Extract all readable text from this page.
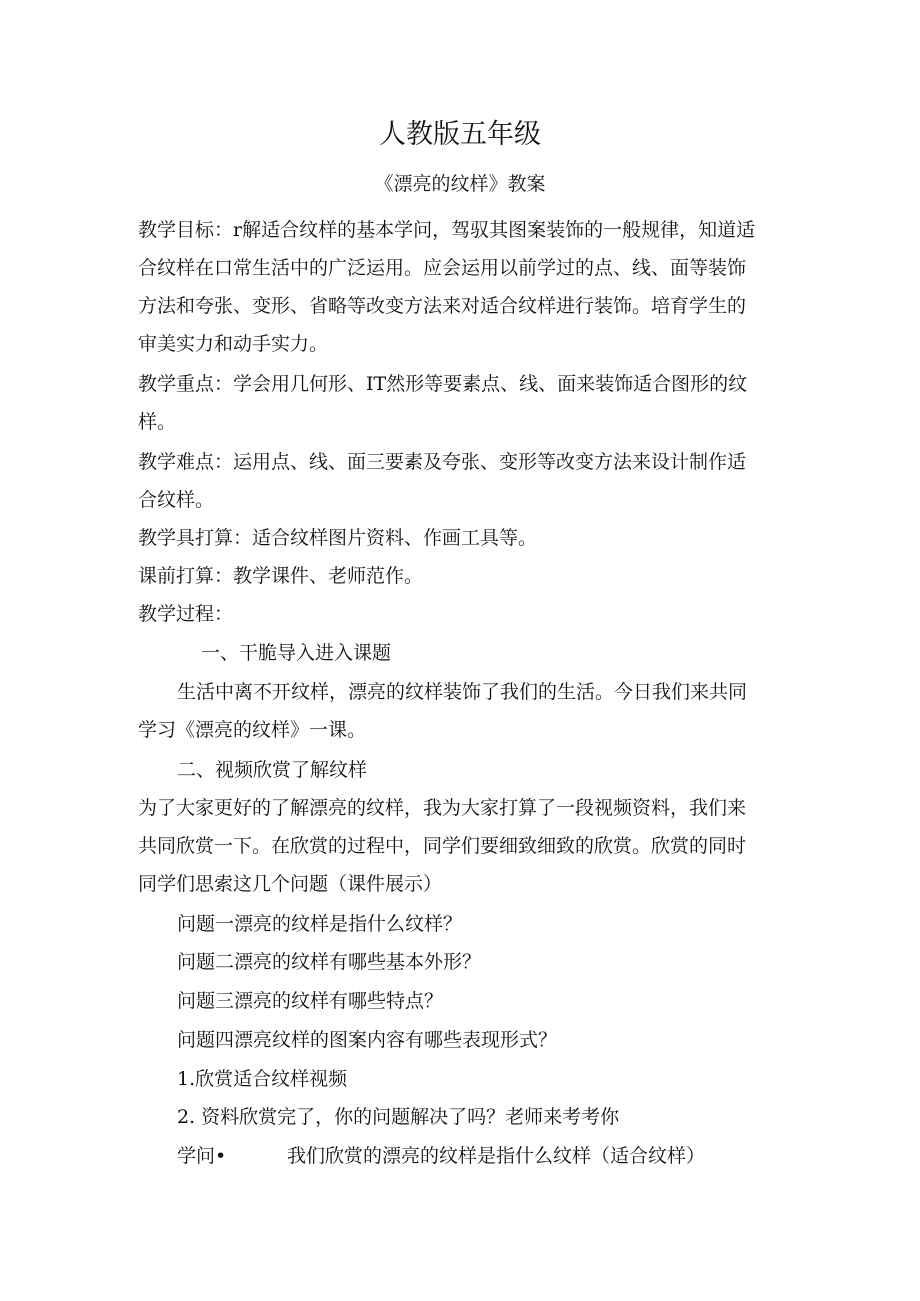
人教版五年级
《漂亮的纹样》教案
教学目标：r解适合纹样的基本学问，驾驭其图案装饰的一般规律，知道适
合纹样在口常生活中的广泛运用。应会运用以前学过的点、线、面等装饰
方法和夸张、变形、省略等改变方法来对适合纹样进行装饰。培育学生的
审美实力和动手实力。
教学重点：学会用几何形、IT然形等要素点、线、面来装饰适合图形的纹
样。
教学难点：运用点、线、面三要素及夸张、变形等改变方法来设计制作适
合纹样。
教学具打算：适合纹样图片资料、作画工具等。
课前打算：教学课件、老师范作。
教学过程：
一、干脆导入进入课题
生活中离不开纹样，漂亮的纹样装饰了我们的生活。今日我们来共同
学习《漂亮的纹样》一课。
二、视频欣赏了解纹样
为了大家更好的了解漂亮的纹样，我为大家打算了一段视频资料，我们来
共同欣赏一下。在欣赏的过程中，同学们要细致细致的欣赏。欣赏的同时
同学们思索这几个问题（课件展示）
问题一漂亮的纹样是指什么纹样？
问题二漂亮的纹样有哪些基本外形？
问题三漂亮的纹样有哪些特点？
问题四漂亮纹样的图案内容有哪些表现形式？
1.欣赏适合纹样视频
2. 资料欣赏完了，你的问题解决了吗？老师来考考你
学问•	我们欣赏的漂亮的纹样是指什么纹样（适合纹样）
